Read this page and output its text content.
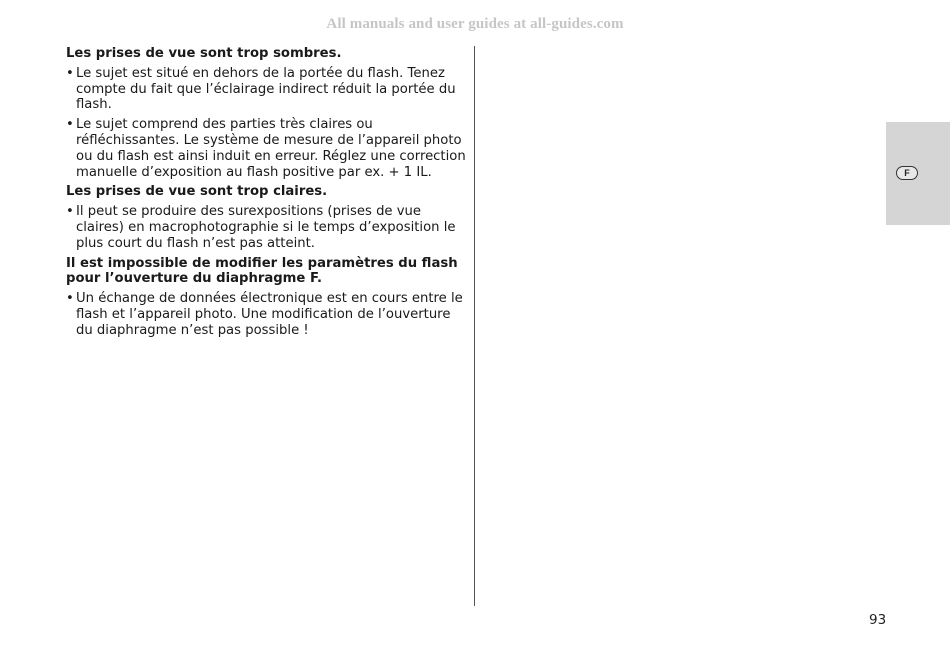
All manuals and user guides at all-guides.com

Les prises de vue sont trop sombres.

• Le sujet est situé en dehors de la portée du flash. Tenez compte du fait que l’éclairage indirect réduit la portée du flash.
• Le sujet comprend des parties très claires ou réfléchissantes. Le système de mesure de l’appareil photo ou du flash est ainsi induit en erreur. Réglez une correction manuelle d’exposition au flash positive par ex. + 1 IL.

Les prises de vue sont trop claires.

• Il peut se produire des surexpositions (prises de vue claires) en macrophotographie si le temps d’exposition le plus court du flash n’est pas atteint.

Il est impossible de modifier les paramètres du flash pour l’ouverture du diaphragme F.

• Un échange de données électronique est en cours entre le flash et l’appareil photo. Une modification de l’ouverture du diaphragme n’est pas possible !
F
93
